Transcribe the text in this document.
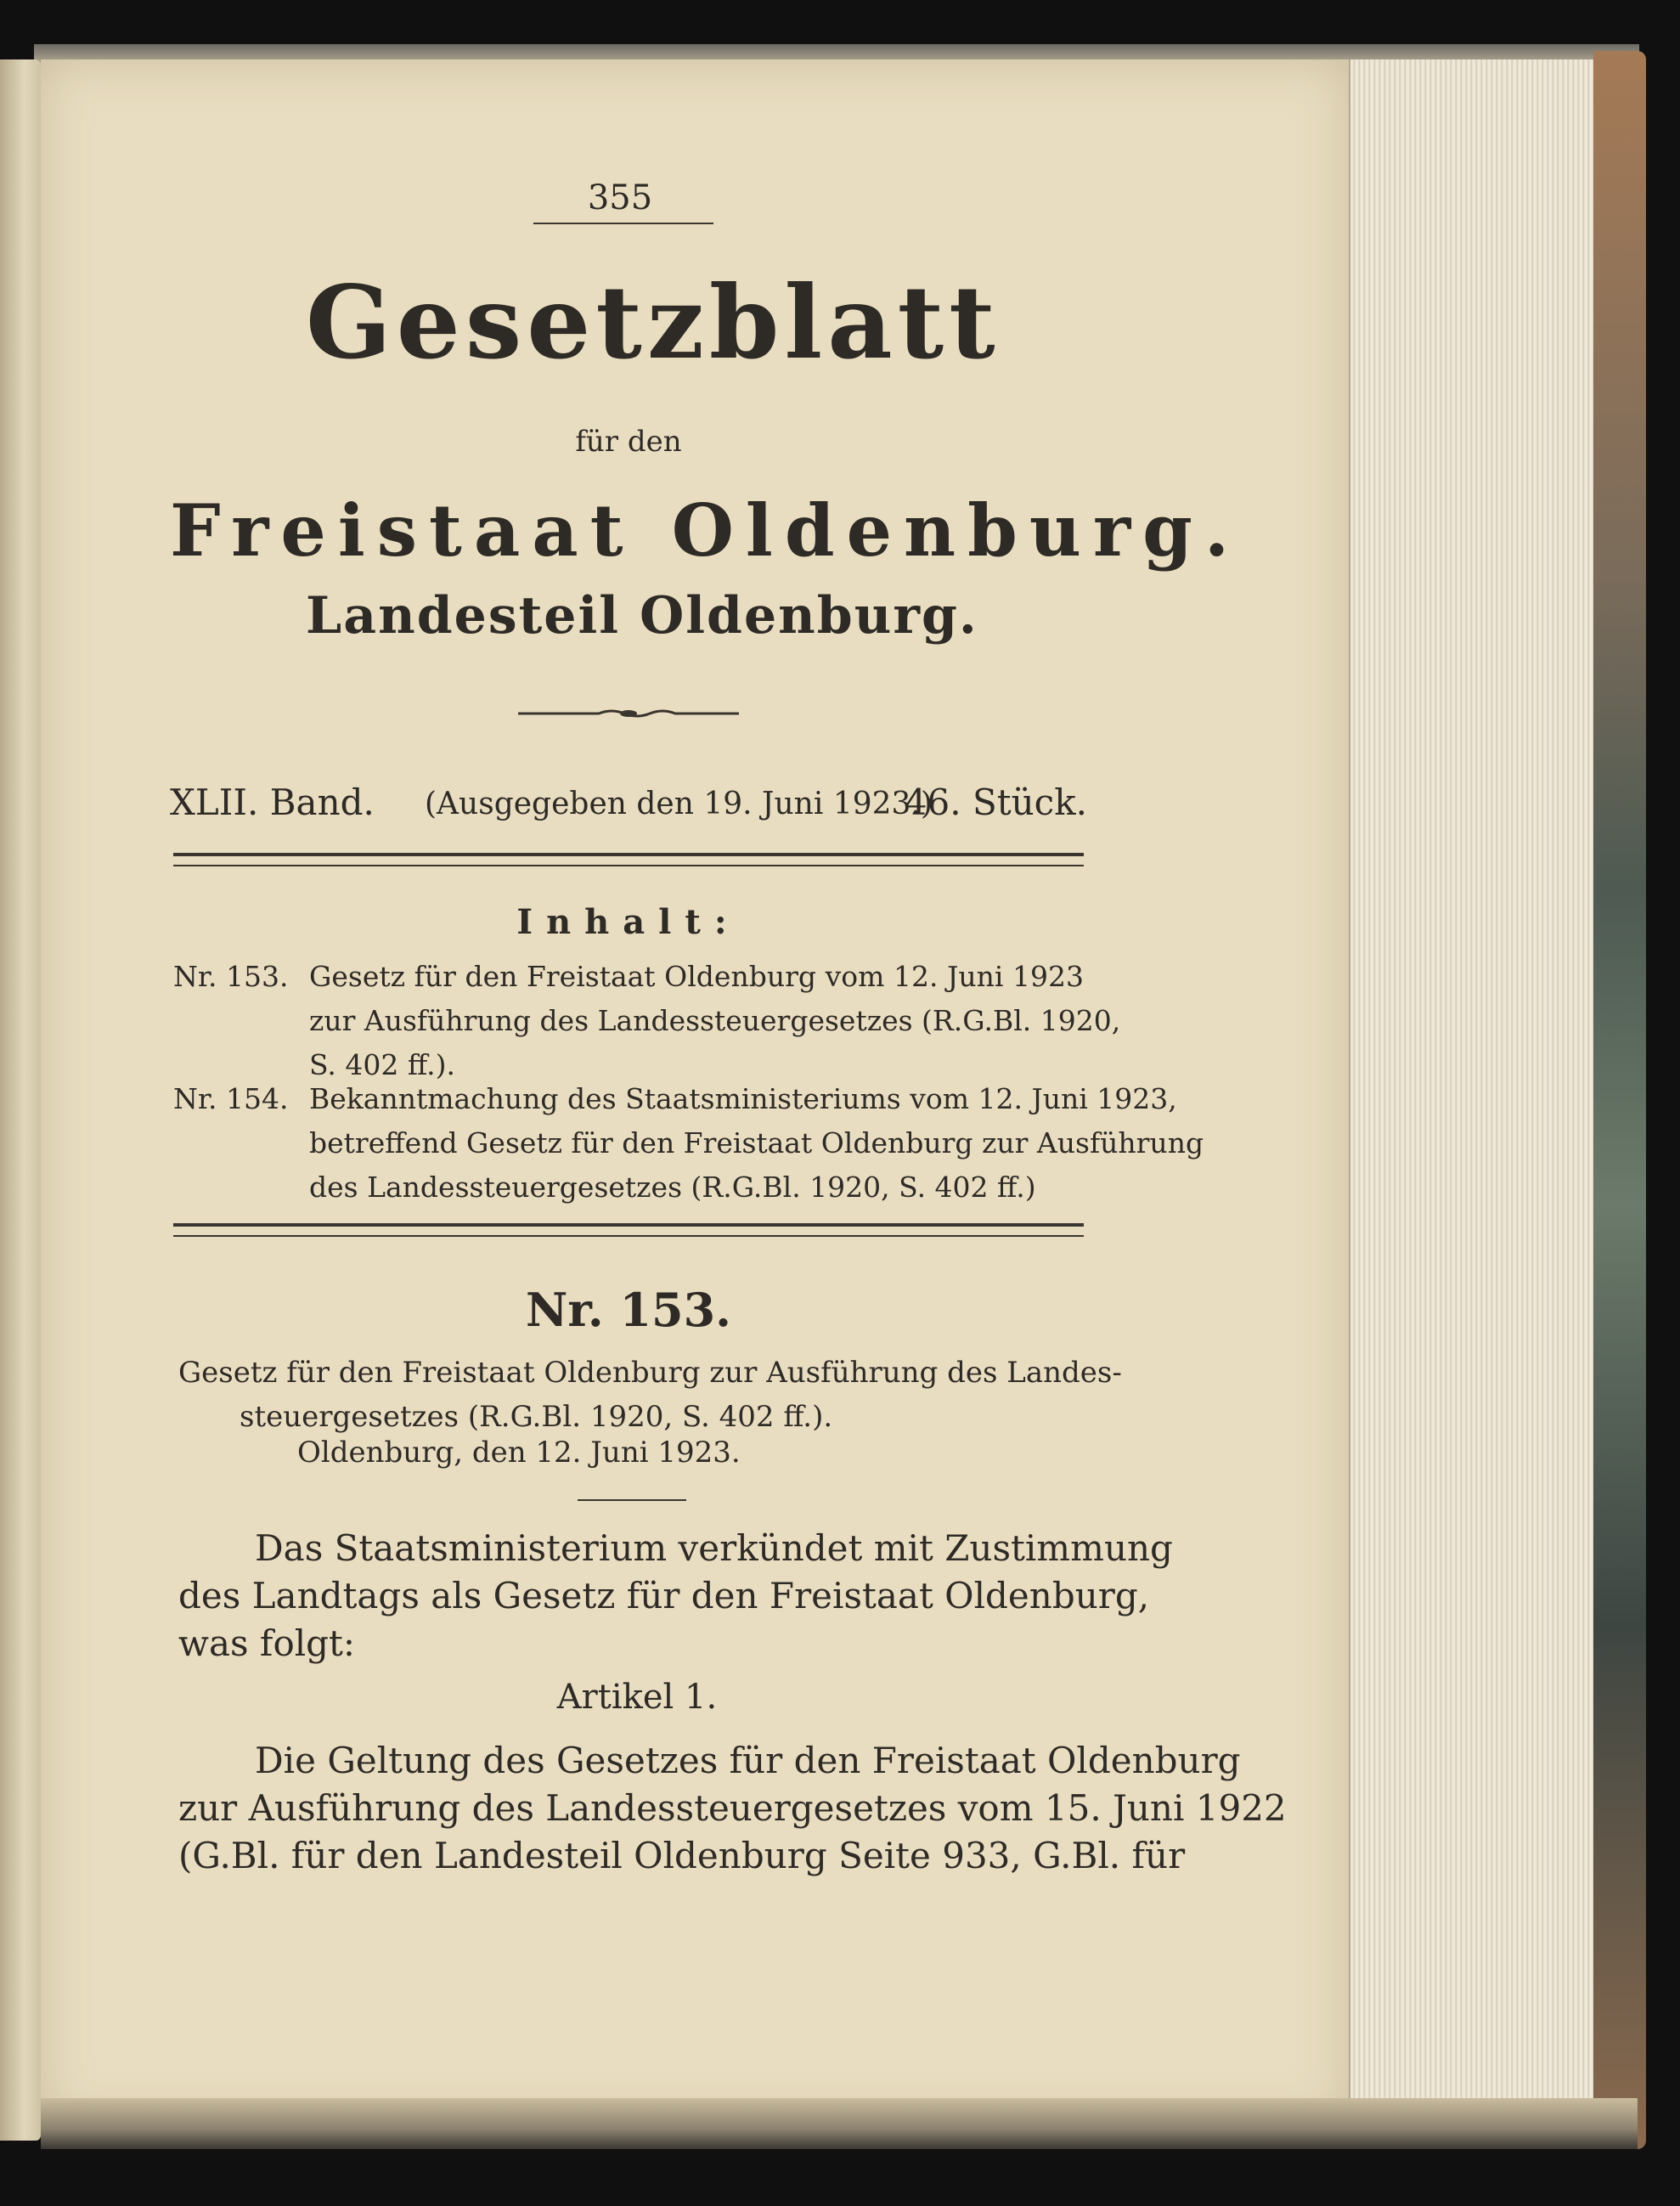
355
Gesetzblatt
für den
Freistaat Oldenburg.
Landesteil Oldenburg.
XLII. Band. (Ausgegeben den 19. Juni 1923.)
46. Stück.
Inhalt:
Nr. 153. Gesetz für den Freistaat Oldenburg vom 12. Juni 1923
zur Ausführung des Landessteuergesetzes (R.G.Bl. 1920,
S. 402 ff.).
Nr. 154. Bekanntmachung des Staatsministeriums vom 12. Juni 1923,
betreffend Gesetz für den Freistaat Oldenburg zur Ausführung
des Landessteuergesetzes (R.G.Bl. 1920, S. 402 ff.)
Nr. 153.
Gesetz für den Freistaat Oldenburg zur Ausführung des Landes-
steuergesetzes (R.G.Bl. 1920, S. 402 ff.).
Oldenburg, den 12. Juni 1923.
Das Staatsministerium verkündet mit Zustimmung
des Landtags als Gesetz für den Freistaat Oldenburg,
was folgt:
Artikel 1.
Die Geltung des Gesetzes für den Freistaat Oldenburg
zur Ausführung des Landessteuergesetzes vom 15. Juni 1922
(G.Bl. für den Landesteil Oldenburg Seite 933, G.Bl. für
